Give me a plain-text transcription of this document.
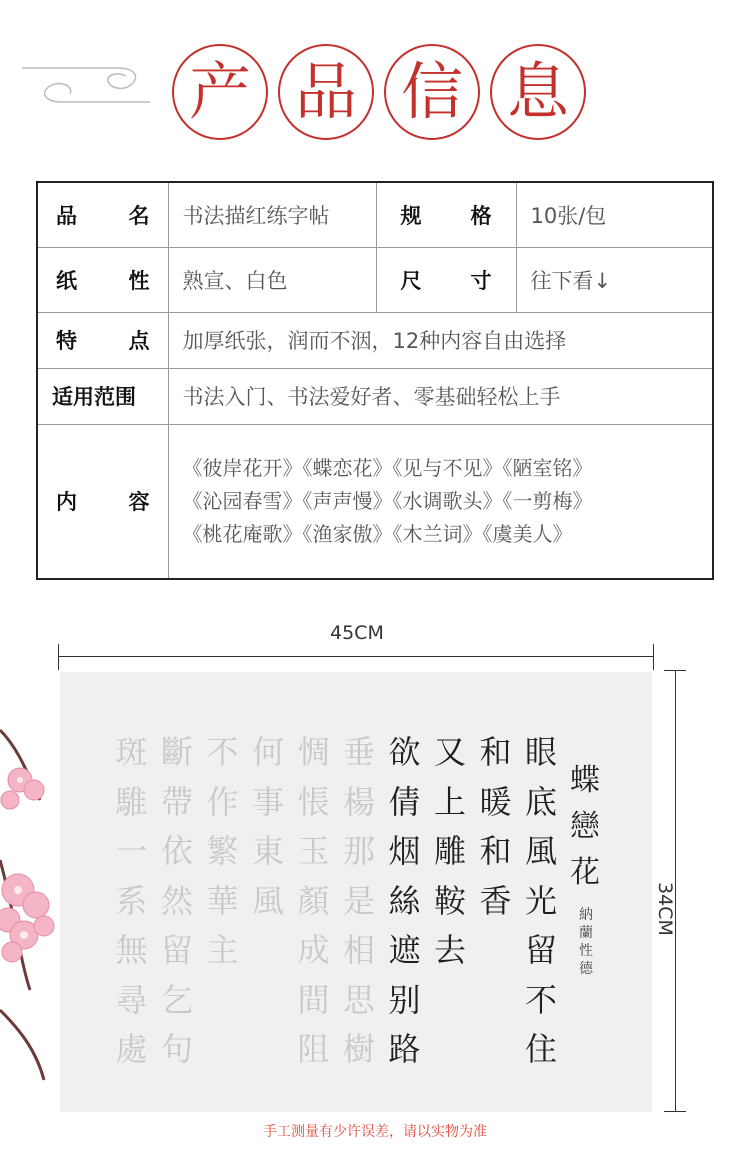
产 品 信 息
品名	书法描红练字帖	规格	10张/包
纸性	熟宣、白色	尺寸	往下看↓
特点	加厚纸张，润而不洇，12种内容自由选择		
适用范围	书法入门、书法爱好者、零基础轻松上手		
内容	《彼岸花开》《蝶恋花》《见与不见》《陋室铭》
《沁园春雪》《声声慢》《水调歌头》《一剪梅》
《桃花庵歌》《渔家傲》《木兰词》《虞美人》		
45CM
34CM
蝶
戀
花
納
蘭
性
德
眼
底
風
光
留
不
住
和
暖
和
香
又
上
雕
鞍
去
欲
倩
烟
絲
遮
别
路
垂
楊
那
是
相
思
樹
惆
悵
玉
顏
成
間
阻
何
事
東
風
不
作
繁
華
主
斷
帶
依
然
留
乞
句
斑
騅
一
系
無
尋
處
手工测量有少许误差，请以实物为准
